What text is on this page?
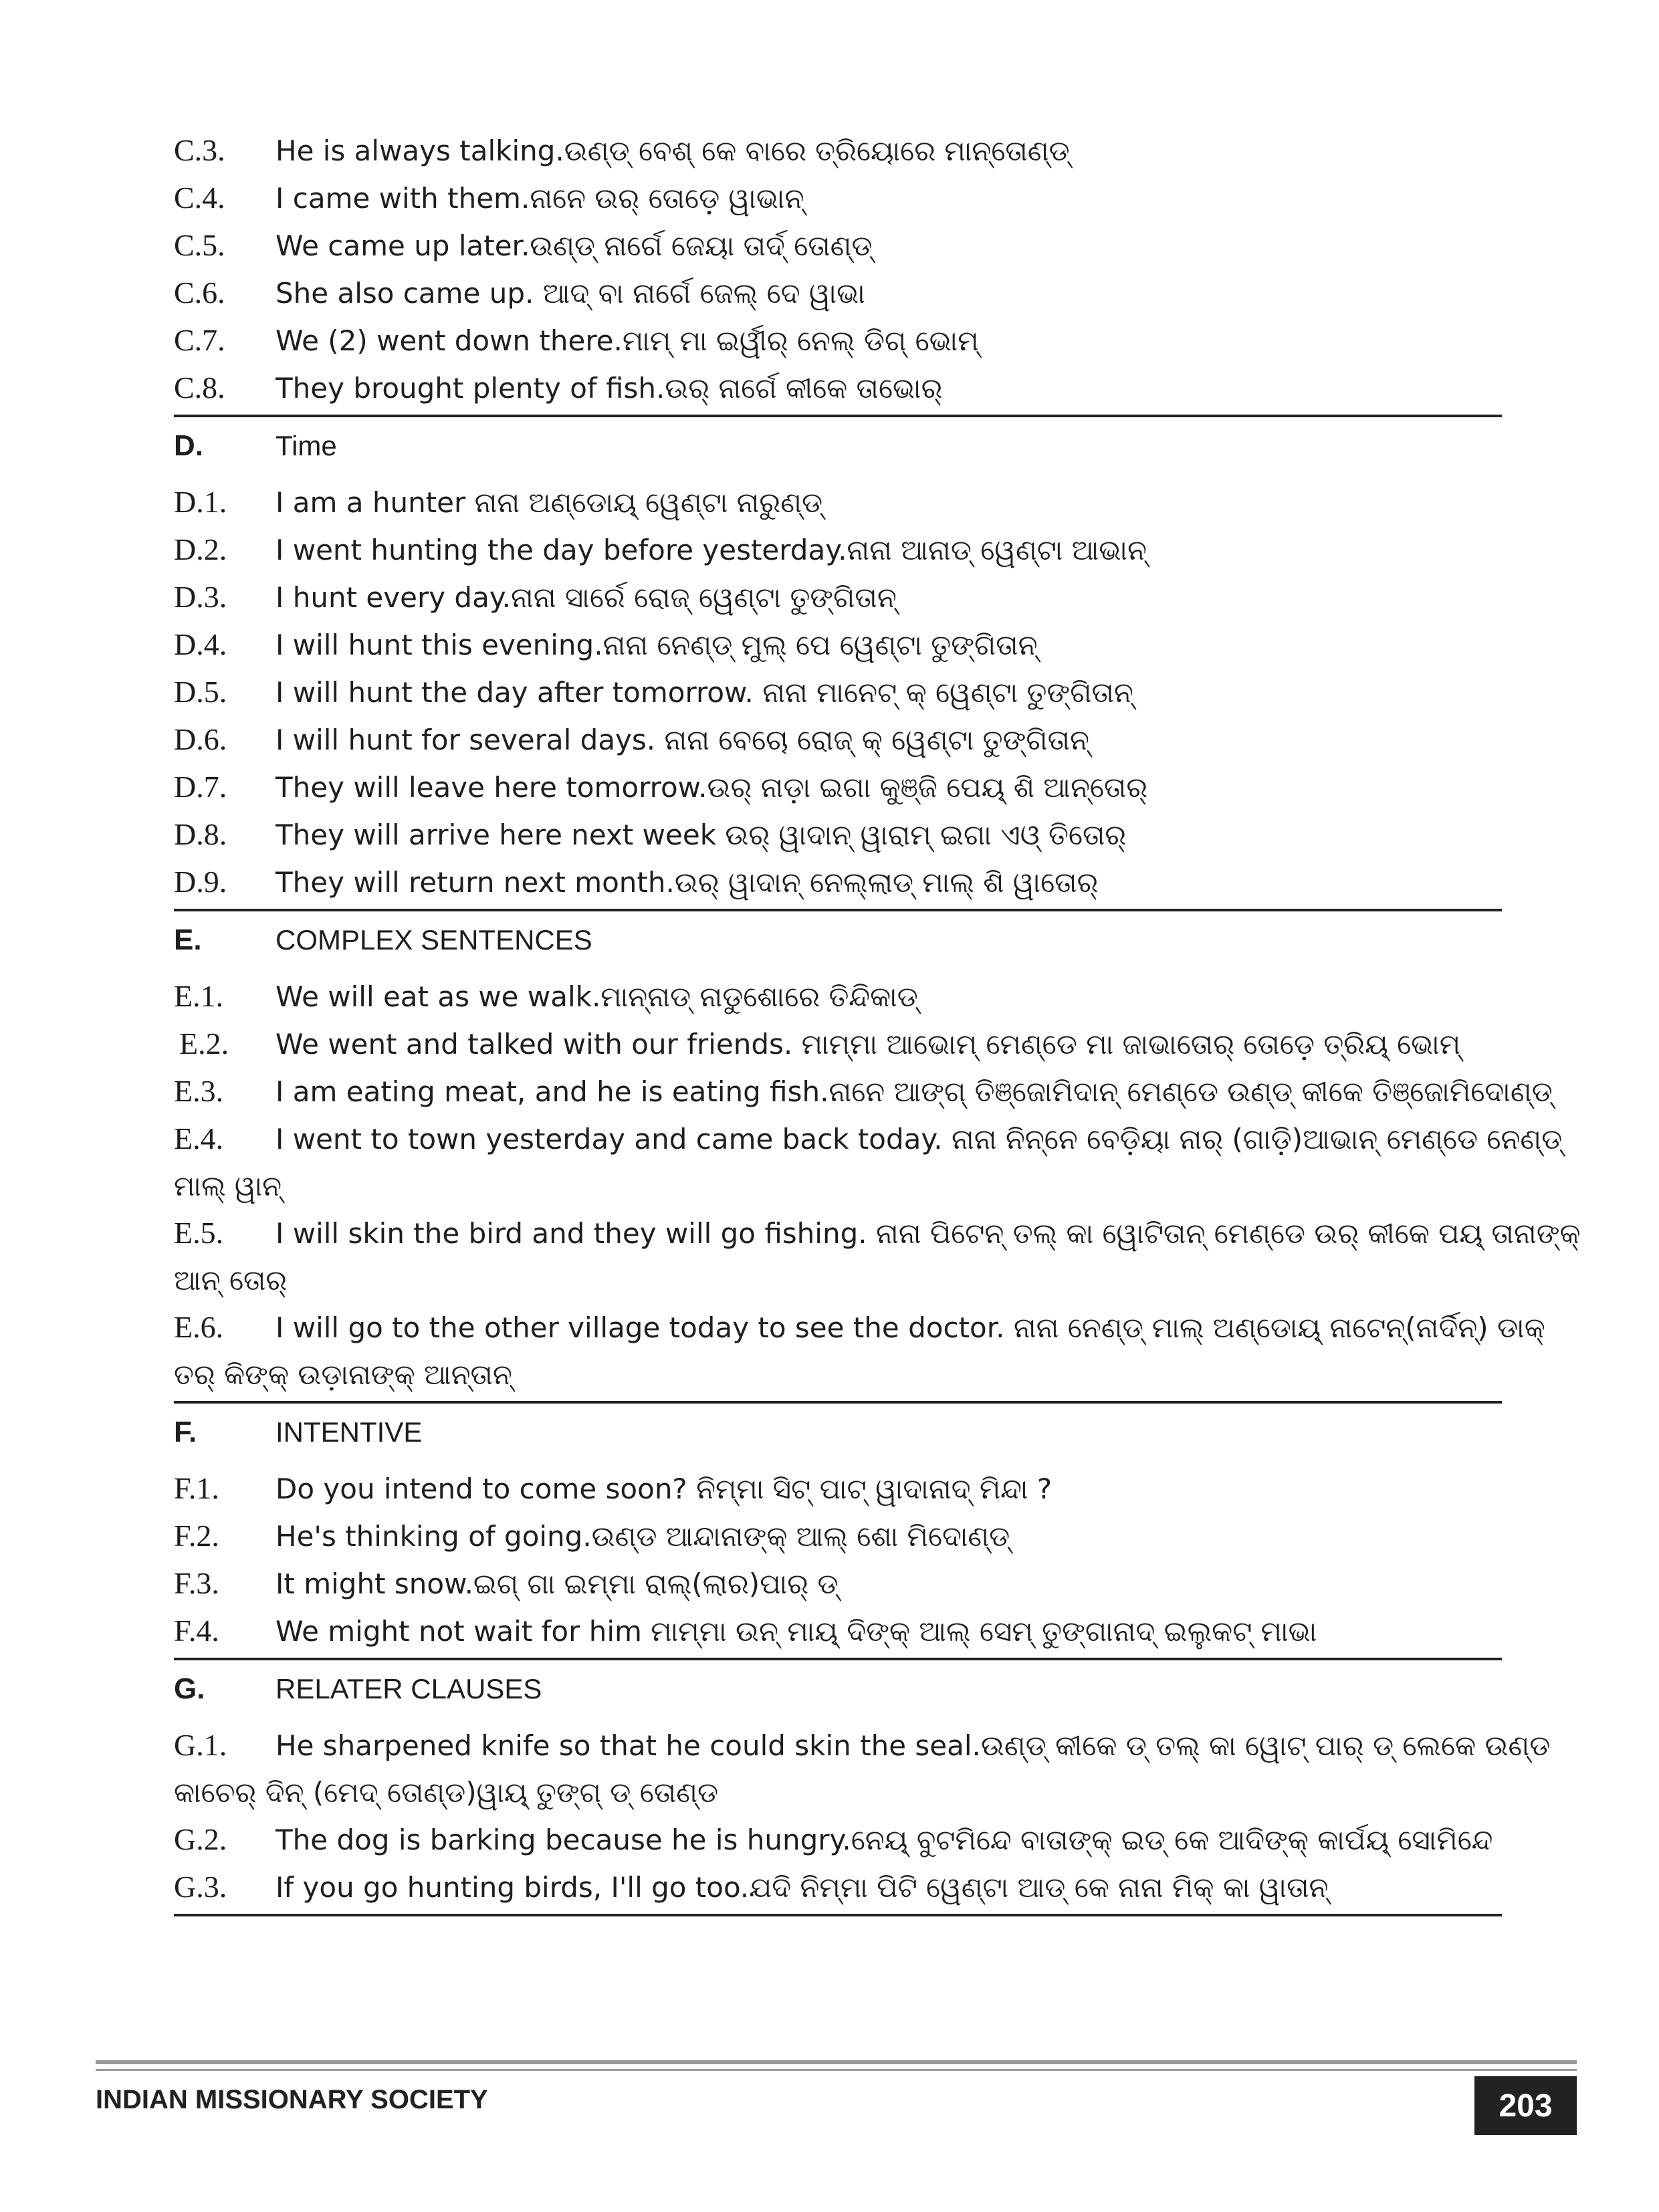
C.3.	He is always talking.ଉଣ୍ଡ୍ ବେଶ୍ କେ ବାରେ ତ୍ରିୟୋରେ ମାନ୍ତୋଣ୍ଡ୍
C.4.	I came with them.ନାନେ ଉର୍ ତୋଡ଼େ ୱାଭାନ୍
C.5.	We came up later.ଉଣ୍ଡ୍ ନାର୍ଗେ ଜେୟା ତାର୍ଦ୍ ତୋଣ୍ଡ୍
C.6.	She also came up. ଆଦ୍ ବା ନାର୍ଗେ ଜେଲ୍ ଦେ ୱାଭା
C.7.	We (2) went down there.ମାମ୍ ମା ଇର୍ୱୀର୍ ନେଲ୍ ଡିଗ୍ ଭୋମ୍
C.8.	They brought plenty of fish.ଉର୍ ନାର୍ଗେ କୀକେ ତାଭୋର୍
D.	Time
D.1.	I am a hunter ନାନା ଅଣ୍ଡୋୟ୍ ୱେଣ୍ଟା ନାରୁଣ୍ଡ୍
D.2.	I went hunting the day before yesterday.ନାନା ଆନାଡ୍ ୱେଣ୍ଟା ଆଭାନ୍
D.3.	I hunt every day.ନାନା ସାର୍ରେ ରୋଜ୍ ୱେଣ୍ଟା ତୁଙ୍ଗିତାନ୍
D.4.	I will hunt this evening.ନାନା ନେଣ୍ଡ୍ ମୁଲ୍ ପେ ୱେଣ୍ଟା ତୁଙ୍ଗିତାନ୍
D.5.	I will hunt the day after tomorrow. ନାନା ମାନେଟ୍ କ୍ ୱେଣ୍ଟା ତୁଙ୍ଗିତାନ୍
D.6.	I will hunt for several days. ନାନା ବେଚୋ ରୋଜ୍ କ୍ ୱେଣ୍ଟା ତୁଙ୍ଗିତାନ୍
D.7.	They will leave here tomorrow.ଉର୍ ନାଡ଼ା ଇଗା କୁଞ୍ଜି ପେୟ୍ ଶି ଆନ୍ତୋର୍
D.8.	They will arrive here next week ଉର୍ ୱାଦାନ୍ ୱାରାମ୍ ଇଗା ଏଓ୍ ତିତୋର୍
D.9.	They will return next month.ଉର୍ ୱାଦାନ୍ ନେଲ୍ଲାଡ୍ ମାଲ୍ ଶି ୱାତୋର୍
E.	COMPLEX SENTENCES
E.1.	We will eat as we walk.ମାନ୍ନାଡ୍ ନାଡୁଶୋରେ ତିନ୍ଦିକାଡ୍
E.2.	We went and talked with our friends. ମାମ୍ମା ଆଭୋମ୍ ମେଣ୍ଡେ ମା ଜାଭାତୋର୍ ତୋଡ଼େ ତ୍ରିୟ୍ ଭୋମ୍
E.3.	I am eating meat, and he is eating fish.ନାନେ ଆଙ୍ଗ୍ ତିଞ୍ଜୋମିଦାନ୍ ମେଣ୍ଡେ ଉଣ୍ଡ୍ କୀକେ ତିଞ୍ଜୋମିଦୋଣ୍ଡ୍
E.4.	I went to town yesterday and came back today. ନାନା ନିନ୍ନେ ବେଡ଼ିୟା ନାର୍ (ଗାଡ଼ି)ଆଭାନ୍ ମେଣ୍ଡେ ନେଣ୍ଡ୍
ମାଲ୍ ୱାନ୍
E.5.	I will skin the bird and they will go fishing. ନାନା ପିଟେନ୍ ତଲ୍ କା ୱୋଟିତାନ୍ ମେଣ୍ଡେ ଉର୍ କୀକେ ପୟ୍ ତାନାଙ୍କ୍
ଆନ୍ ତୋର୍
E.6.	I will go to the other village today to see the doctor. ନାନା ନେଣ୍ଡ୍ ମାଲ୍ ଅଣ୍ଡୋୟ୍ ନାଟେନ୍(ନାର୍ଦିନ୍) ଡାକ୍
ତର୍ କିଙ୍କ୍ ଉଡ଼ାନାଙ୍କ୍ ଆନ୍ତାନ୍
F.	INTENTIVE
F.1.	Do you intend to come soon? ନିମ୍ମା ସିଟ୍ ପାଟ୍ ୱାଦାନାଦ୍ ମିନ୍ଦା ?
F.2.	He's thinking of going.ଉଣ୍ଡ ଆନ୍ଦାନାଙ୍କ୍ ଆଲ୍ ଶୋ ମିଦୋଣ୍ଡ୍
F.3.	It might snow.ଇଗ୍ ଗା ଇମ୍ମା ରାଲ୍(ଲାର)ପାର୍ ଡ୍
F.4.	We might not wait for him ମାମ୍ମା ଉନ୍ ମାୟ୍ ଦିଙ୍କ୍ ଆଲ୍ ସେମ୍ ତୁଙ୍ଗାନାଦ୍ ଇଲୁକଟ୍ ମାଭା
G.	RELATER CLAUSES
G.1.	He sharpened knife so that he could skin the seal.ଉଣ୍ଡ୍ କୀକେ ଡ୍ ତଲ୍ କା ୱୋଟ୍ ପାର୍ ଡ୍ ଲେକେ ଉଣ୍ଡ
କାଚେର୍ ଦିନ୍ (ମେଦ୍ ତୋଣ୍ଡ)ୱାୟ୍ ତୁଙ୍ଗ୍ ଡ୍ ତୋଣ୍ଡ
G.2.	The dog is barking because he is hungry.ନେୟ୍ ବୁଟମିନ୍ଦେ ବାତାଙ୍କ୍ ଇଡ୍ କେ ଆଦିଙ୍କ୍ କାର୍ପୟ୍ ସୋମିନ୍ଦେ
G.3.	If you go hunting birds, I'll go too.ଯଦି ନିମ୍ମା ପିଟି ୱେଣ୍ଟା ଆଡ୍ କେ ନାନା ମିକ୍ କା ୱାତାନ୍
INDIAN MISSIONARY SOCIETY	203
